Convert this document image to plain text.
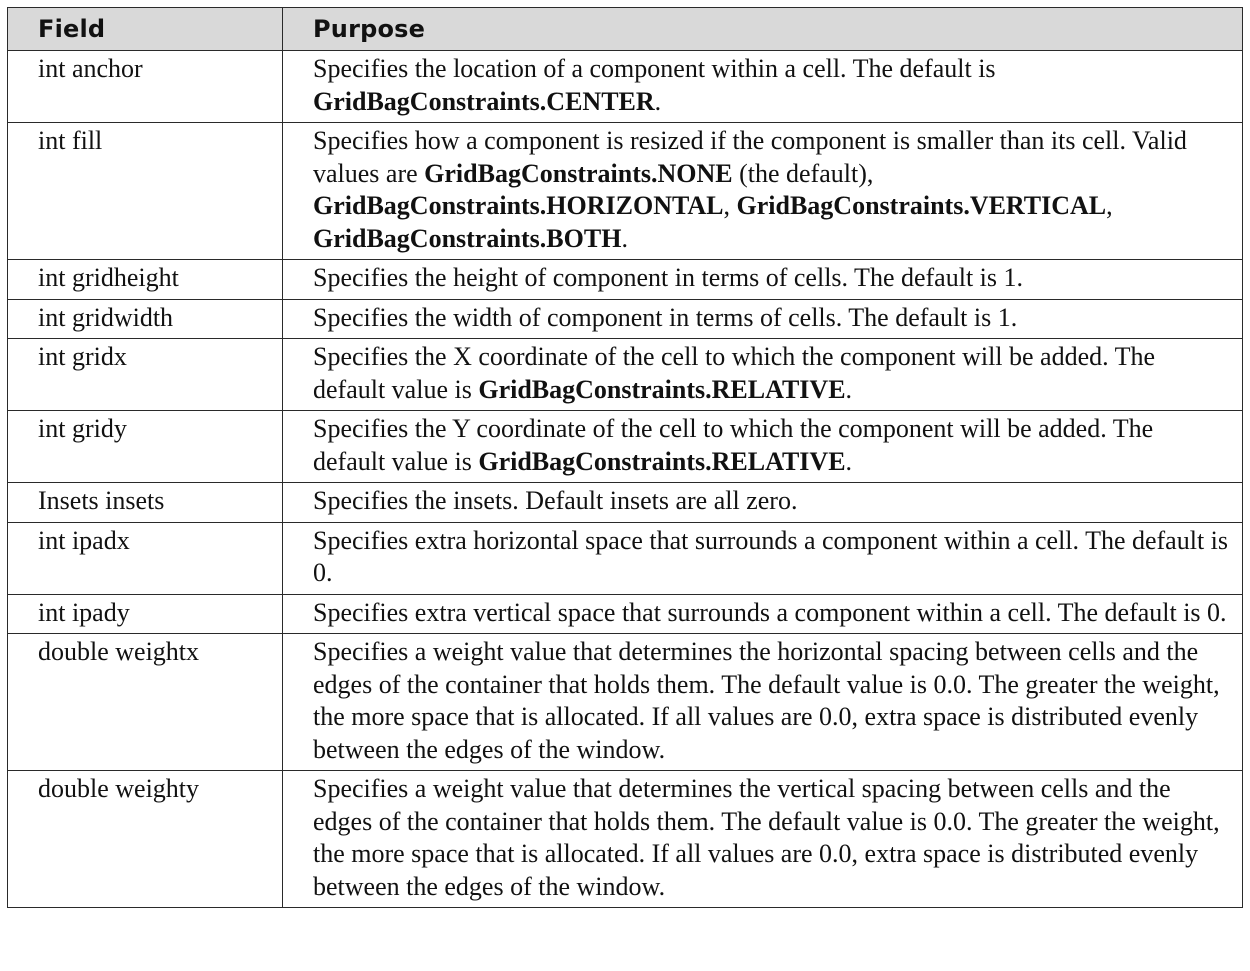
Field	Purpose
int anchor	Specifies the location of a component within a cell. The default is GridBagConstraints.CENTER.
int fill	Specifies how a component is resized if the component is smaller than its cell. Valid values are GridBagConstraints.NONE (the default), GridBagConstraints.HORIZONTAL, GridBagConstraints.VERTICAL, GridBagConstraints.BOTH.
int gridheight	Specifies the height of component in terms of cells. The default is 1.
int gridwidth	Specifies the width of component in terms of cells. The default is 1.
int gridx	Specifies the X coordinate of the cell to which the component will be added. The default value is GridBagConstraints.RELATIVE.
int gridy	Specifies the Y coordinate of the cell to which the component will be added. The default value is GridBagConstraints.RELATIVE.
Insets insets	Specifies the insets. Default insets are all zero.
int ipadx	Specifies extra horizontal space that surrounds a component within a cell. The default is 0.
int ipady	Specifies extra vertical space that surrounds a component within a cell. The default is 0.
double weightx	Specifies a weight value that determines the horizontal spacing between cells and the edges of the container that holds them. The default value is 0.0. The greater the weight, the more space that is allocated. If all values are 0.0, extra space is distributed evenly between the edges of the window.
double weighty	Specifies a weight value that determines the vertical spacing between cells and the edges of the container that holds them. The default value is 0.0. The greater the weight, the more space that is allocated. If all values are 0.0, extra space is distributed evenly between the edges of the window.
